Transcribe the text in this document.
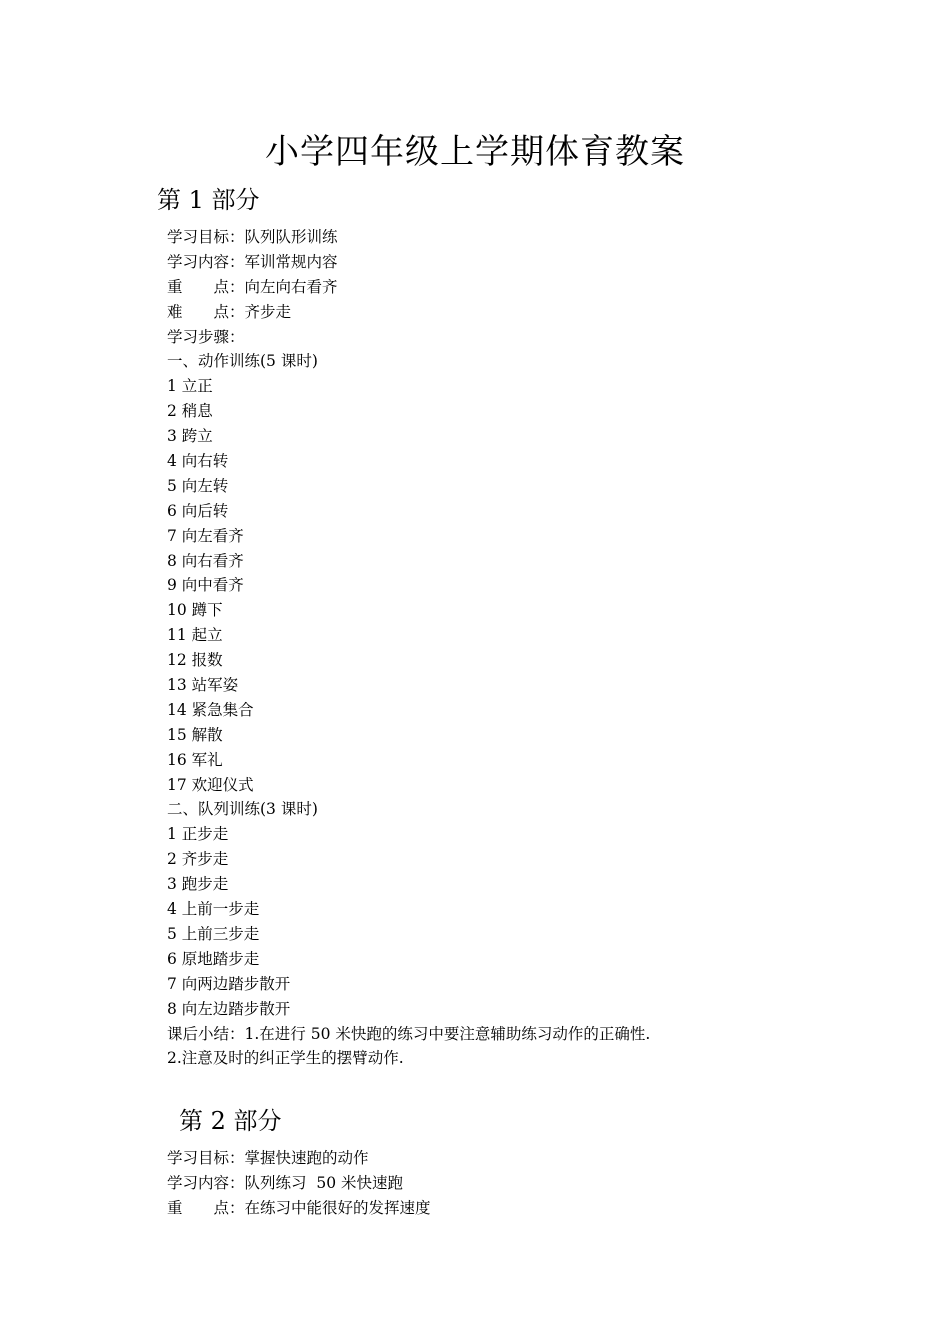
小学四年级上学期体育教案
第 1 部分
学习目标：队列队形训练
学习内容：军训常规内容
重　　点：向左向右看齐
难　　点：齐步走
学习步骤：
一、动作训练(5 课时)
1 立正
2 稍息
3 跨立
4 向右转
5 向左转
6 向后转
7 向左看齐
8 向右看齐
9 向中看齐
10 蹲下
11 起立
12 报数
13 站军姿
14 紧急集合
15 解散
16 军礼
17 欢迎仪式
二、队列训练(3 课时)
1 正步走
2 齐步走
3 跑步走
4 上前一步走
5 上前三步走
6 原地踏步走
7 向两边踏步散开
8 向左边踏步散开
课后小结：1.在进行 50 米快跑的练习中要注意辅助练习动作的正确性.
2.注意及时的纠正学生的摆臂动作.
第 2 部分
学习目标：掌握快速跑的动作
学习内容：队列练习  50 米快速跑
重　　点：在练习中能很好的发挥速度
